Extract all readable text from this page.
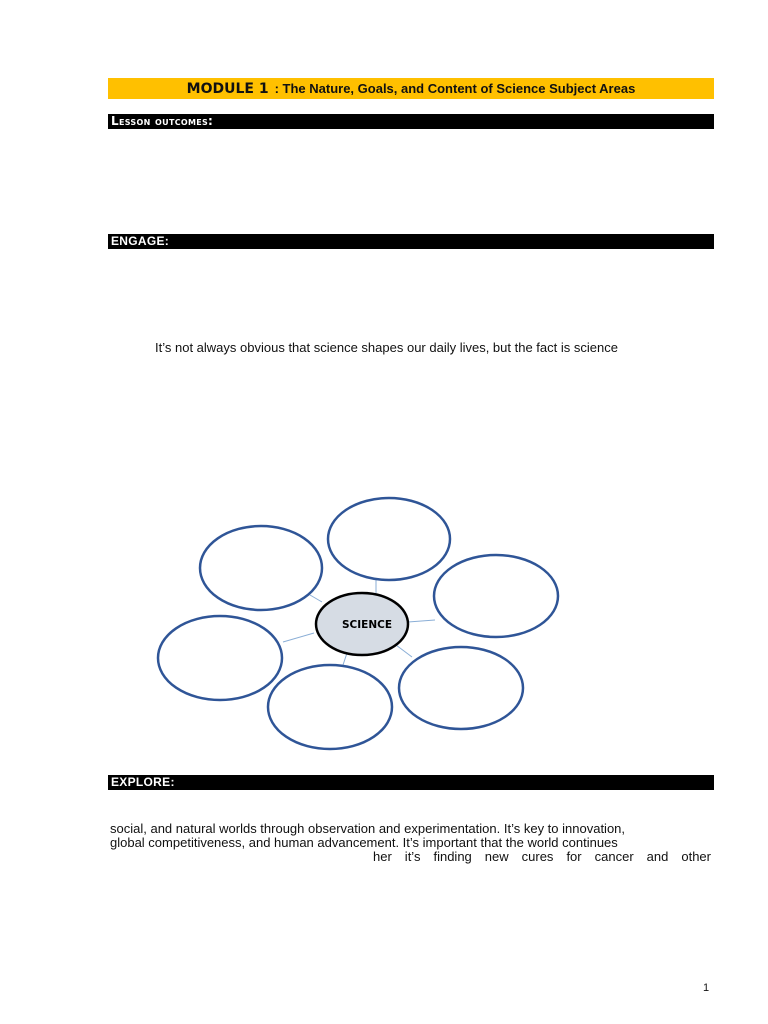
MODULE 1 : The Nature, Goals, and Content of Science Subject Areas
Lesson outcomes:
ENGAGE:
It’s not always obvious that science shapes our daily lives, but the fact is science
SCIENCE
EXPLORE:
social, and natural worlds through observation and experimentation. It’s key to innovation,
global competitiveness, and human advancement. It’s important that the world continues
her it’s finding new cures for cancer and other
1
